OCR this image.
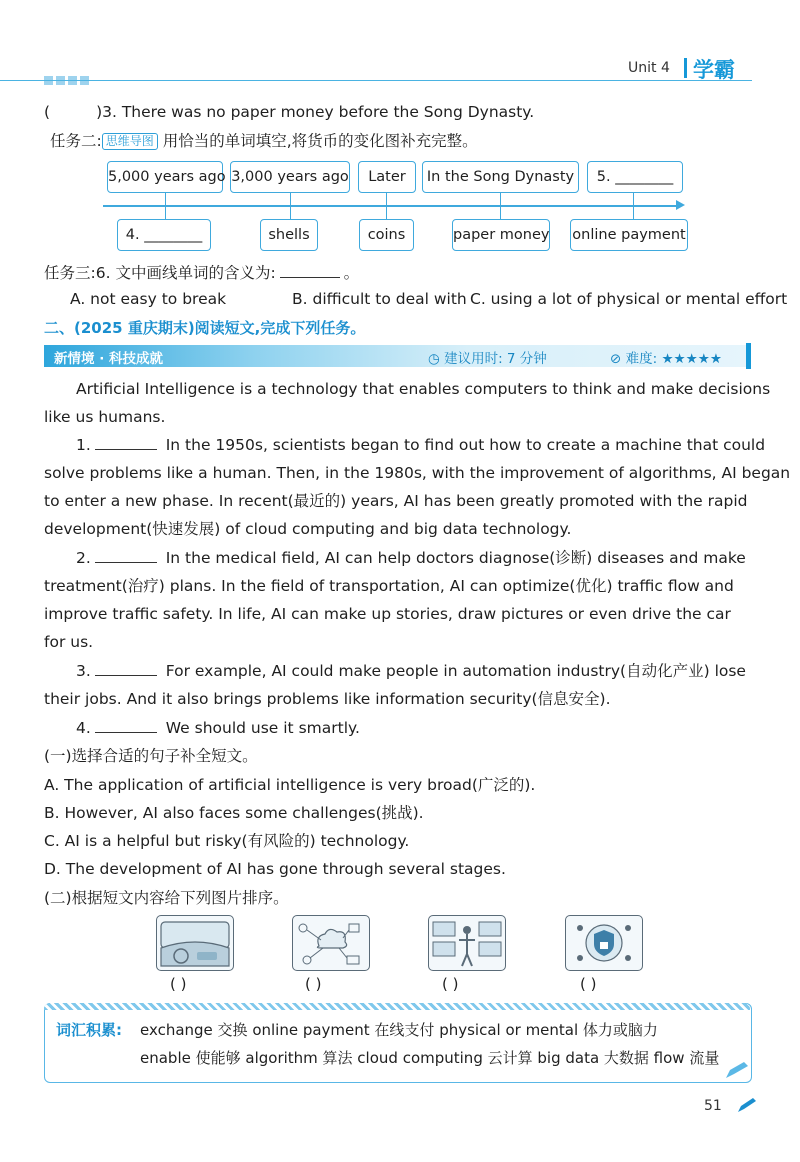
Unit 4 学霸
(	)3. There was no paper money before the Song Dynasty.
任务二: 思维导图 用恰当的单词填空,将货币的变化图补充完整。
5,000 years ago 3,000 years ago	Later	In the Song Dynasty	5. ________
4. ________	shells	coins	paper money online payment
任务三:6. 文中画线单词的含义为:	。
A. not easy to break	B. difficult to deal with C. using a lot of physical or mental effort
二、(2025 重庆期末)阅读短文,完成下列任务。
新情境 · 科技成就	◷ 建议用时: 7 分钟	⊘ 难度: ★★★★★
Artificial Intelligence is a technology that enables computers to think and make decisions
like us humans.
1.	In the 1950s, scientists began to find out how to create a machine that could
solve problems like a human. Then, in the 1980s, with the improvement of algorithms, AI began
to enter a new phase. In recent(最近的) years, AI has been greatly promoted with the rapid
development(快速发展) of cloud computing and big data technology.
2.	In the medical field, AI can help doctors diagnose(诊断) diseases and make
treatment(治疗) plans. In the field of transportation, AI can optimize(优化) traffic flow and
improve traffic safety. In life, AI can make up stories, draw pictures or even drive the car
for us.
3.	For example, AI could make people in automation industry(自动化产业) lose
their jobs. And it also brings problems like information security(信息安全).
4.	We should use it smartly.
(一)选择合适的句子补全短文。
A. The application of artificial intelligence is very broad(广泛的).
B. However, AI also faces some challenges(挑战).
C. AI is a helpful but risky(有风险的) technology.
D. The development of AI has gone through several stages.
(二)根据短文内容给下列图片排序。
( )	( )	( )	( )
词汇积累: exchange 交换 online payment 在线支付 physical or mental 体力或脑力
enable 使能够 algorithm 算法 cloud computing 云计算 big data 大数据 flow 流量
51
